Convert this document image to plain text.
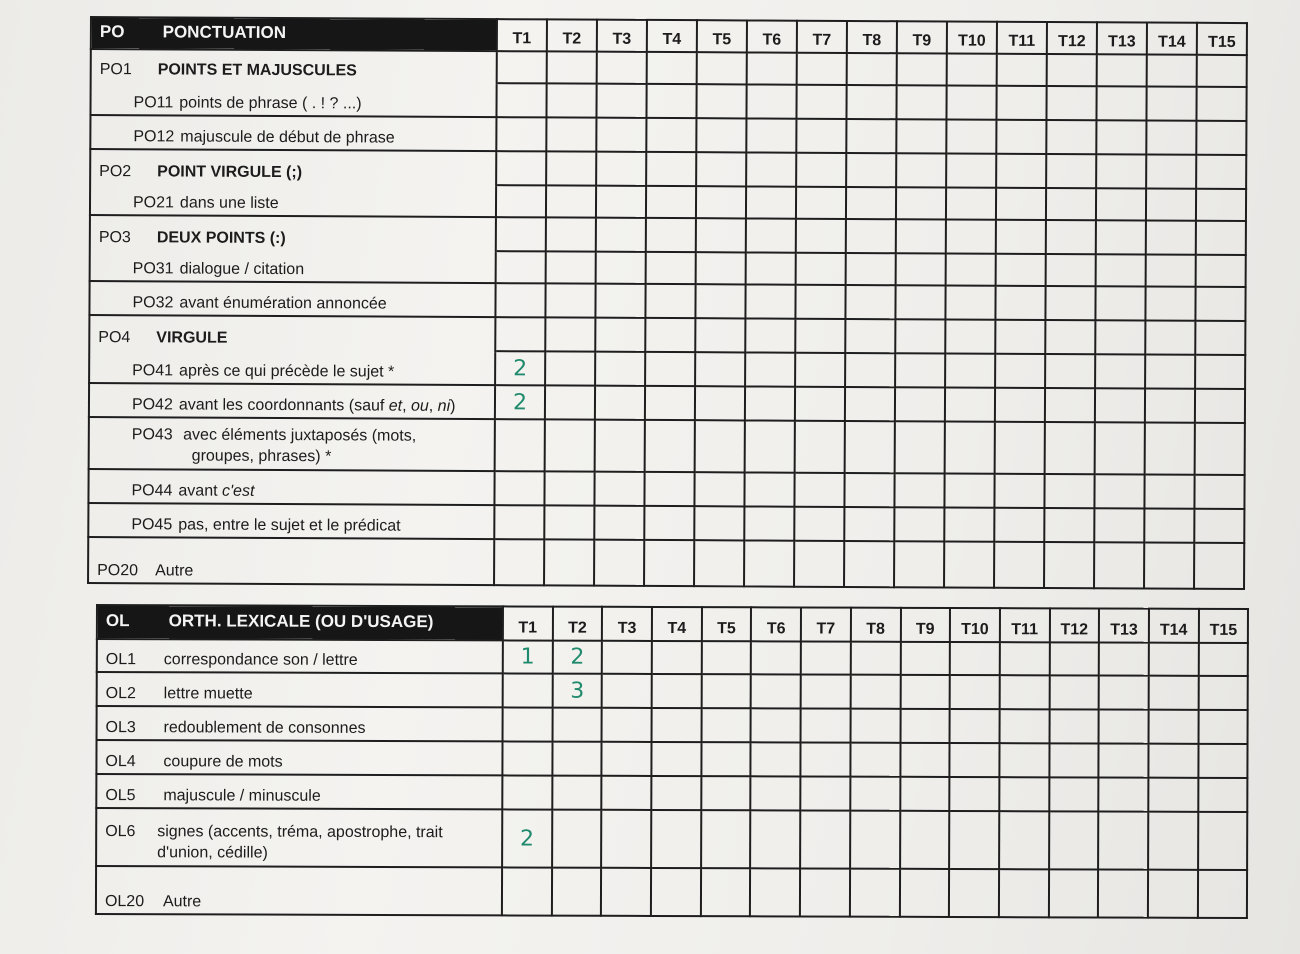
PO PONCTUATION	T1	T2	T3	T4	T5	T6	T7	T8	T9	T10	T11	T12	T13	T14	T15
PO1 POINTS ET MAJUSCULES															
PO11 points de phrase ( . ! ? ...)															
PO12 majuscule de début de phrase															
PO2 POINT VIRGULE (;)															
PO21 dans une liste															
PO3 DEUX POINTS (:)															
PO31 dialogue / citation															
PO32 avant énumération annoncée															
PO4 VIRGULE															
PO41 après ce qui précède le sujet *	2														
PO42 avant les coordonnants (sauf et, ou, ni)	2														

PO43 avec éléments juxtaposés (mots,
groupes, phrases) *															

PO44 avant c'est															
PO45 pas, entre le sujet et le prédicat															
PO20 Autre															
OL ORTH. LEXICALE (OU D'USAGE)	T1	T2	T3	T4	T5	T6	T7	T8	T9	T10	T11	T12	T13	T14	T15
OL1 correspondance son / lettre	1	2													
OL2 lettre muette		3													
OL3 redoublement de consonnes															
OL4 coupure de mots															
OL5 majuscule / minuscule															

OL6 signes (accents, tréma, apostrophe, trait
d'union, cédille)	2														
OL20 Autre															
